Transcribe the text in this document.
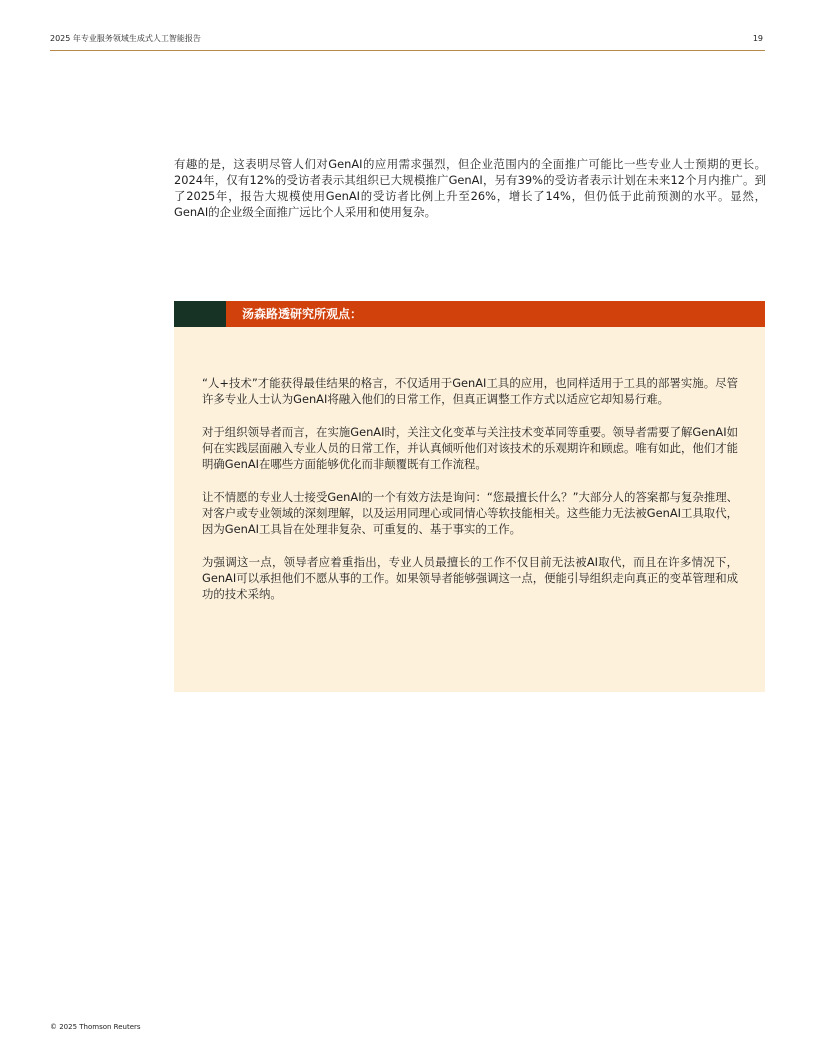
2025 年专业服务领域生成式人工智能报告	19

有趣的是，这表明尽管人们对GenAI的应用需求强烈，但企业范围内的全面推广可能比一些专业人士预期的更长。2024年，仅有12%的受访者表示其组织已大规模推广GenAI，另有39%的受访者表示计划在未来12个月内推广。到了2025年，报告大规模使用GenAI的受访者比例上升至26%，增长了14%，但仍低于此前预测的水平。显然，GenAI的企业级全面推广远比个人采用和使用复杂。

汤森路透研究所观点：

“人+技术”才能获得最佳结果的格言，不仅适用于GenAI工具的应用，也同样适用于工具的部署实施。尽管许多专业人士认为GenAI将融入他们的日常工作，但真正调整工作方式以适应它却知易行难。

对于组织领导者而言，在实施GenAI时，关注文化变革与关注技术变革同等重要。领导者需要了解GenAI如何在实践层面融入专业人员的日常工作，并认真倾听他们对该技术的乐观期许和顾虑。唯有如此，他们才能明确GenAI在哪些方面能够优化而非颠覆既有工作流程。

让不情愿的专业人士接受GenAI的一个有效方法是询问：“您最擅长什么？”大部分人的答案都与复杂推理、对客户或专业领域的深刻理解，以及运用同理心或同情心等软技能相关。这些能力无法被GenAI工具取代，因为GenAI工具旨在处理非复杂、可重复的、基于事实的工作。

为强调这一点，领导者应着重指出，专业人员最擅长的工作不仅目前无法被AI取代，而且在许多情况下，GenAI可以承担他们不愿从事的工作。如果领导者能够强调这一点，便能引导组织走向真正的变革管理和成功的技术采纳。

© 2025 Thomson Reuters
